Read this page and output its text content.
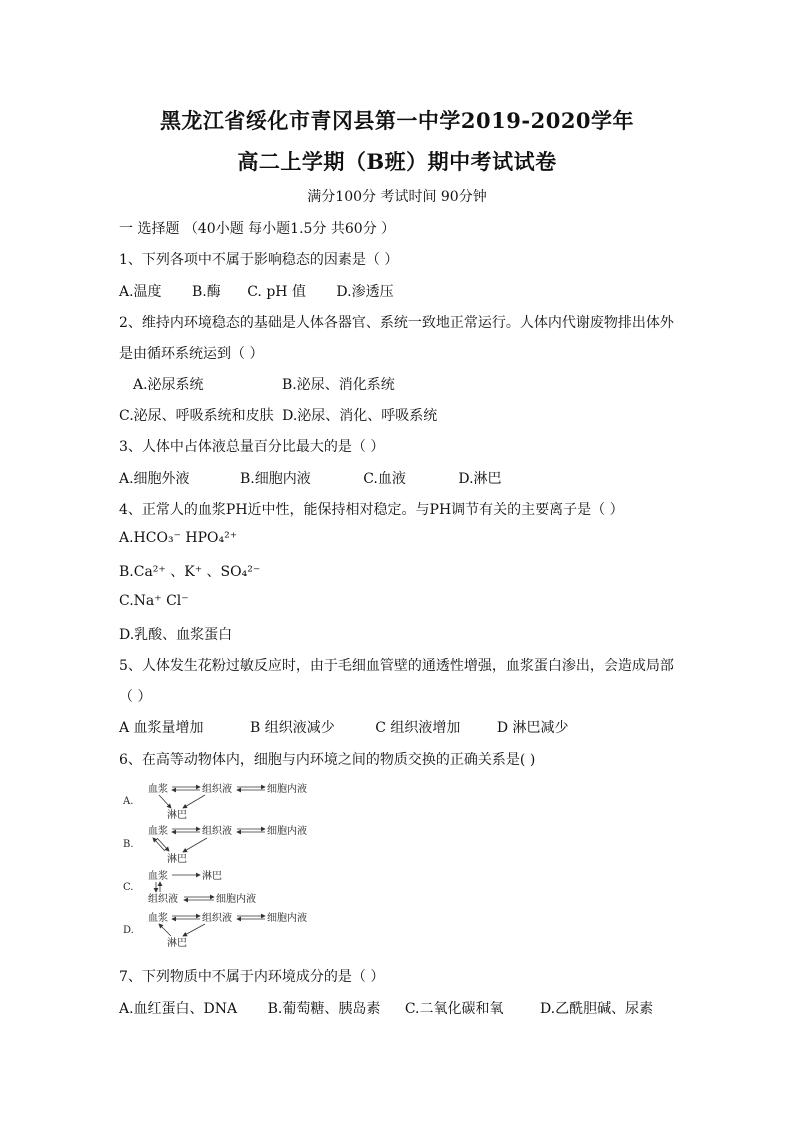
黑龙江省绥化市青冈县第一中学2019-2020学年
高二上学期（B班）期中考试试卷
满分100分 考试时间 90分钟
一 选择题 （40小题 每小题1.5分 共60分 ）
1、下列各项中不属于影响稳态的因素是（ ）
A.温度 B.酶 C. pH 值 D.渗透压
2、维持内环境稳态的基础是人体各器官、系统一致地正常运行。人体内代谢废物排出体外
是由循环系统运到（ ）
A.泌尿系统	B.泌尿、消化系统
C.泌尿、呼吸系统和皮肤 D.泌尿、消化、呼吸系统
3、人体中占体液总量百分比最大的是（ ）
A.细胞外液	B.细胞内液	C.血液	D.淋巴
4、正常人的血浆PH近中性，能保持相对稳定。与PH调节有关的主要离子是（ ）
A.HCO₃⁻ HPO₄²⁺
B.Ca²⁺ 、K⁺ 、SO₄²⁻
C.Na⁺ Cl⁻
D.乳酸、血浆蛋白
5、人体发生花粉过敏反应时，由于毛细血管壁的通透性增强，血浆蛋白渗出，会造成局部
（ ）
A 血浆量增加	B 组织液减少	C 组织液增加	D 淋巴减少
6、在高等动物体内，细胞与内环境之间的物质交换的正确关系是( )
A.
血浆	组织液	细胞内液
淋巴
B.
血浆	组织液	细胞内液
淋巴
C.
血浆	淋巴
组织液	细胞内液
D.
血浆	组织液	细胞内液
淋巴
7、下列物质中不属于内环境成分的是（ ）
A.血红蛋白、DNA B.葡萄糖、胰岛素 C.二氧化碳和氧	D.乙酰胆碱、尿素
